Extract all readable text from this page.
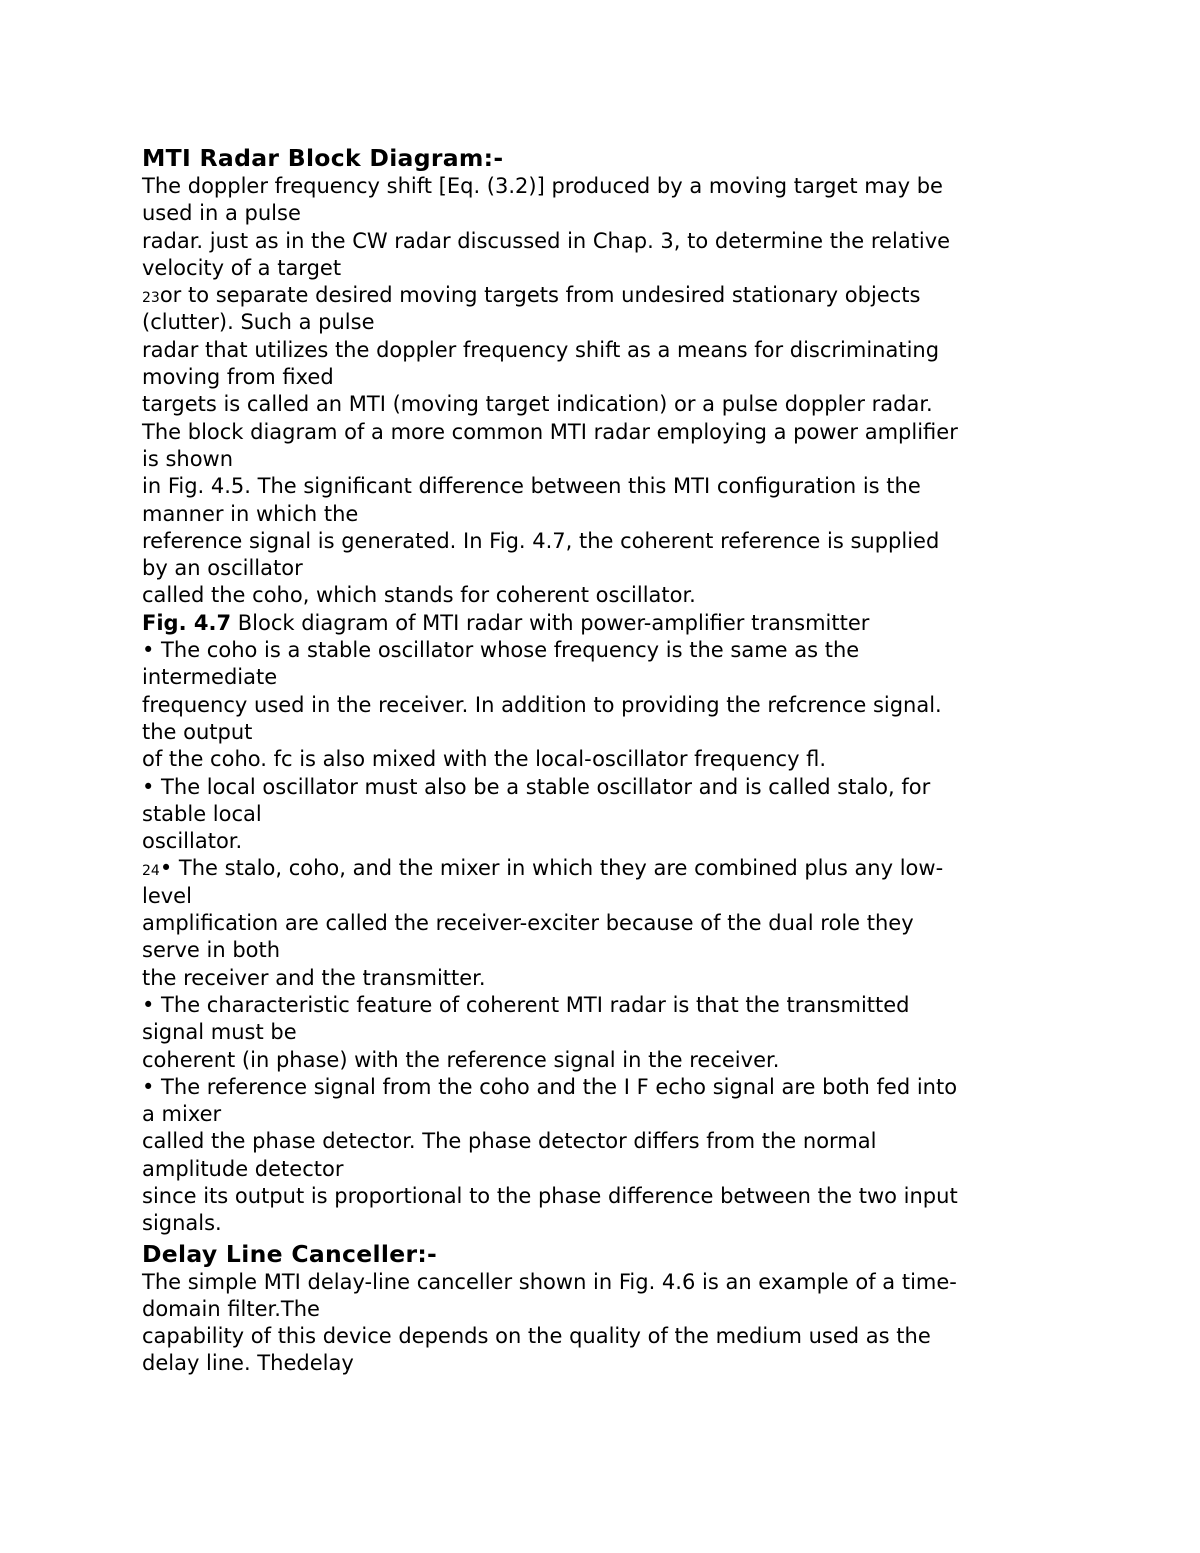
MTI Radar Block Diagram:-
The doppler frequency shift [Eq. (3.2)] produced by a moving target may be
used in a pulse
radar. just as in the CW radar discussed in Chap. 3, to determine the relative
velocity of a target
23or to separate desired moving targets from undesired stationary objects
(clutter). Such a pulse
radar that utilizes the doppler frequency shift as a means for discriminating
moving from fixed
targets is called an MTI (moving target indication) or a pulse doppler radar.
The block diagram of a more common MTI radar employing a power amplifier
is shown
in Fig. 4.5. The significant difference between this MTI configuration is the
manner in which the
reference signal is generated. In Fig. 4.7, the coherent reference is supplied
by an oscillator
called the coho, which stands for coherent oscillator.
Fig. 4.7 Block diagram of MTI radar with power-amplifier transmitter
• The coho is a stable oscillator whose frequency is the same as the
intermediate
frequency used in the receiver. In addition to providing the refcrence signal.
the output
of the coho. fc is also mixed with the local-oscillator frequency fl.
• The local oscillator must also be a stable oscillator and is called stalo, for
stable local
oscillator.
24• The stalo, coho, and the mixer in which they are combined plus any low-
level
amplification are called the receiver-exciter because of the dual role they
serve in both
the receiver and the transmitter.
• The characteristic feature of coherent MTI radar is that the transmitted
signal must be
coherent (in phase) with the reference signal in the receiver.
• The reference signal from the coho and the I F echo signal are both fed into
a mixer
called the phase detector. The phase detector differs from the normal
amplitude detector
since its output is proportional to the phase difference between the two input
signals.
Delay Line Canceller:-
The simple MTI delay-line canceller shown in Fig. 4.6 is an example of a time-
domain filter.The
capability of this device depends on the quality of the medium used as the
delay line. Thedelay
